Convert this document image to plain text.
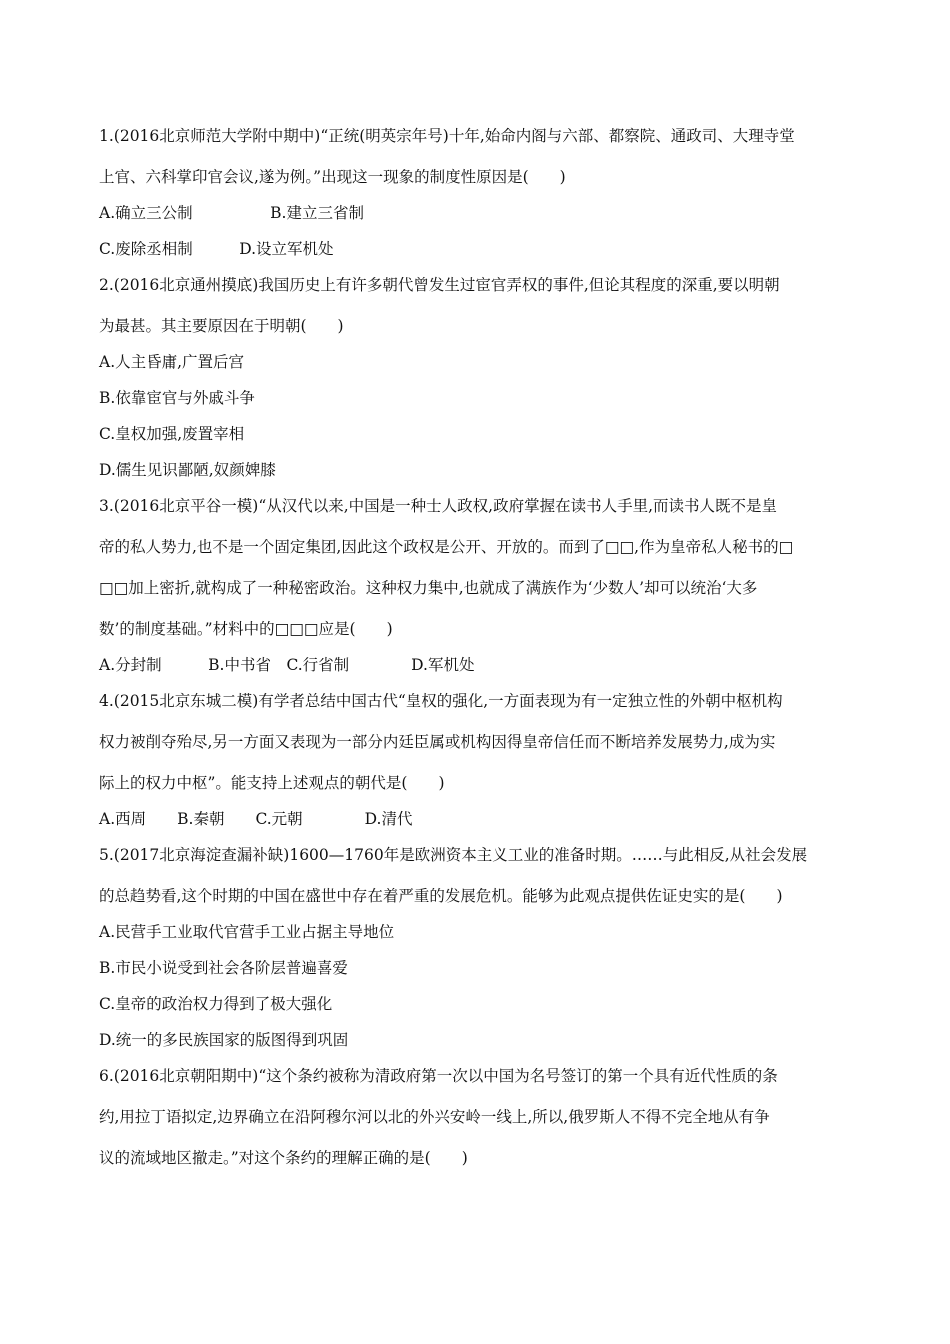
1.(2016北京师范大学附中期中)“正统(明英宗年号)十年,始命内阁与六部、都察院、通政司、大理寺堂
上官、六科掌印官会议,遂为例。”出现这一现象的制度性原因是(　　)
A.确立三公制　　　　　B.建立三省制
C.废除丞相制　　　D.设立军机处
2.(2016北京通州摸底)我国历史上有许多朝代曾发生过宦官弄权的事件,但论其程度的深重,要以明朝
为最甚。其主要原因在于明朝(　　)
A.人主昏庸,广置后宫
B.依靠宦官与外戚斗争
C.皇权加强,废置宰相
D.儒生见识鄙陋,奴颜婢膝
3.(2016北京平谷一模)“从汉代以来,中国是一种士人政权,政府掌握在读书人手里,而读书人既不是皇
帝的私人势力,也不是一个固定集团,因此这个政权是公开、开放的。而到了□□,作为皇帝私人秘书的□
□□加上密折,就构成了一种秘密政治。这种权力集中,也就成了满族作为‘少数人’却可以统治‘大多
数’的制度基础。”材料中的□□□应是(　　)
A.分封制　　　B.中书省　C.行省制　　　　D.军机处
4.(2015北京东城二模)有学者总结中国古代“皇权的强化,一方面表现为有一定独立性的外朝中枢机构
权力被削夺殆尽,另一方面又表现为一部分内廷臣属或机构因得皇帝信任而不断培养发展势力,成为实
际上的权力中枢”。能支持上述观点的朝代是(　　)
A.西周　　B.秦朝　　C.元朝　　　　D.清代
5.(2017北京海淀查漏补缺)1600—1760年是欧洲资本主义工业的准备时期。……与此相反,从社会发展
的总趋势看,这个时期的中国在盛世中存在着严重的发展危机。能够为此观点提供佐证史实的是(　　)
A.民营手工业取代官营手工业占据主导地位
B.市民小说受到社会各阶层普遍喜爱
C.皇帝的政治权力得到了极大强化
D.统一的多民族国家的版图得到巩固
6.(2016北京朝阳期中)“这个条约被称为清政府第一次以中国为名号签订的第一个具有近代性质的条
约,用拉丁语拟定,边界确立在沿阿穆尔河以北的外兴安岭一线上,所以,俄罗斯人不得不完全地从有争
议的流域地区撤走。”对这个条约的理解正确的是(　　)
